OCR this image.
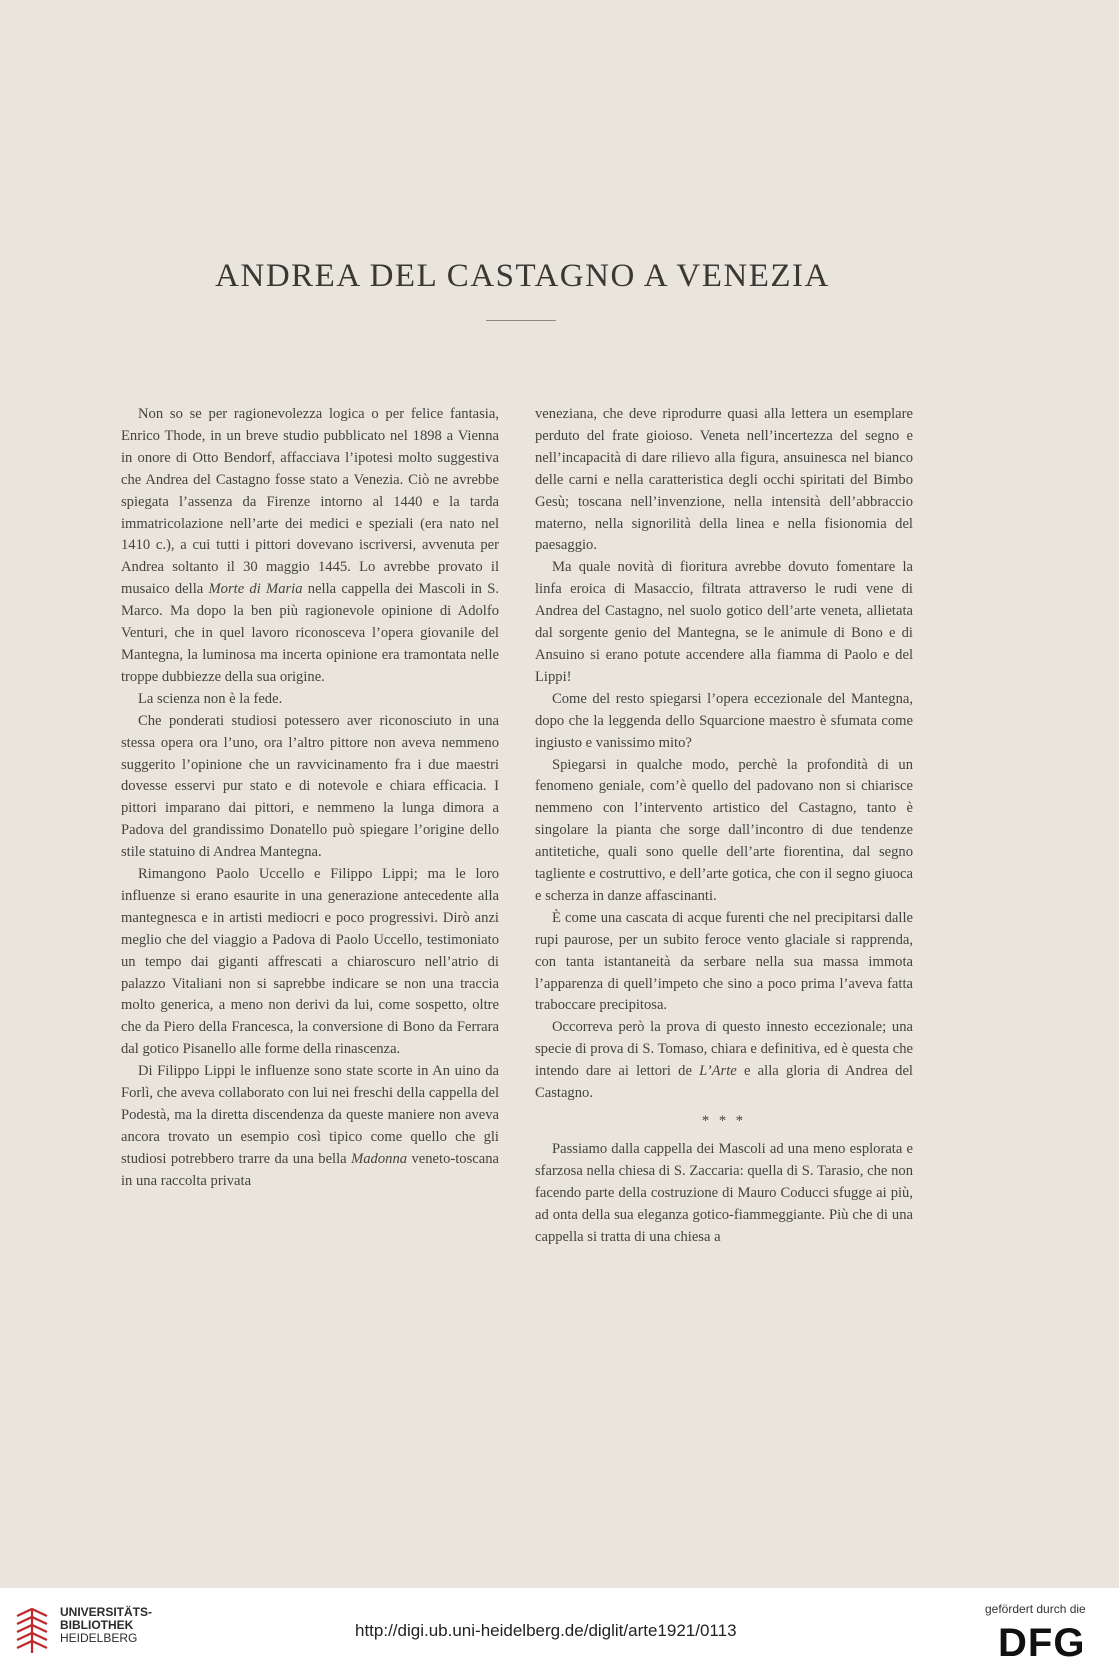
ANDREA DEL CASTAGNO A VENEZIA

Non so se per ragionevolezza logica o per felice fantasia, Enrico Thode, in un breve studio pubblicato nel 1898 a Vienna in onore di Otto Bendorf, affacciava l’ipotesi molto suggestiva che Andrea del Castagno fosse stato a Venezia. Ciò ne avrebbe spiegata l’assenza da Firenze intorno al 1440 e la tarda immatricolazione nell’arte dei medici e speziali (era nato nel 1410 c.), a cui tutti i pittori dovevano iscriversi, avvenuta per Andrea soltanto il 30 maggio 1445. Lo avrebbe provato il musaico della Morte di Maria nella cappella dei Mascoli in S. Marco. Ma dopo la ben più ragionevole opinione di Adolfo Venturi, che in quel lavoro riconosceva l’opera giovanile del Mantegna, la luminosa ma incerta opinione era tramontata nelle troppe dubbiezze della sua origine.

La scienza non è la fede.

Che ponderati studiosi potessero aver riconosciuto in una stessa opera ora l’uno, ora l’altro pittore non aveva nemmeno suggerito l’opinione che un ravvicinamento fra i due maestri dovesse esservi pur stato e di notevole e chiara efficacia. I pittori imparano dai pittori, e nemmeno la lunga dimora a Padova del grandissimo Donatello può spiegare l’origine dello stile statuino di Andrea Mantegna.

Rimangono Paolo Uccello e Filippo Lippi; ma le loro influenze si erano esaurite in una generazione antecedente alla mantegnesca e in artisti mediocri e poco progressivi. Dirò anzi meglio che del viaggio a Padova di Paolo Uccello, testimoniato un tempo dai giganti affrescati a chiaroscuro nell’atrio di palazzo Vitaliani non si saprebbe indicare se non una traccia molto generica, a meno non derivi da lui, come sospetto, oltre che da Piero della Francesca, la conversione di Bono da Ferrara dal gotico Pisanello alle forme della rinascenza.

Di Filippo Lippi le influenze sono state scorte in An uino da Forlì, che aveva collaborato con lui nei freschi della cappella del Podestà, ma la diretta discendenza da queste maniere non aveva ancora trovato un esempio così tipico come quello che gli studiosi potrebbero trarre da una bella Madonna veneto-toscana in una raccolta privata

veneziana, che deve riprodurre quasi alla lettera un esemplare perduto del frate gioioso. Veneta nell’incertezza del segno e nell’incapacità di dare rilievo alla figura, ansuinesca nel bianco delle carni e nella caratteristica degli occhi spiritati del Bimbo Gesù; toscana nell’invenzione, nella intensità dell’abbraccio materno, nella signorilità della linea e nella fisionomia del paesaggio.

Ma quale novità di fioritura avrebbe dovuto fomentare la linfa eroica di Masaccio, filtrata attraverso le rudi vene di Andrea del Castagno, nel suolo gotico dell’arte veneta, allietata dal sorgente genio del Mantegna, se le animule di Bono e di Ansuino si erano potute accendere alla fiamma di Paolo e del Lippi!

Come del resto spiegarsi l’opera eccezionale del Mantegna, dopo che la leggenda dello Squarcione maestro è sfumata come ingiusto e vanissimo mito?

Spiegarsi in qualche modo, perchè la profondità di un fenomeno geniale, com’è quello del padovano non si chiarisce nemmeno con l’intervento artistico del Castagno, tanto è singolare la pianta che sorge dall’incontro di due tendenze antitetiche, quali sono quelle dell’arte fiorentina, dal segno tagliente e costruttivo, e dell’arte gotica, che con il segno giuoca e scherza in danze affascinanti.

È come una cascata di acque furenti che nel precipitarsi dalle rupi paurose, per un subito feroce vento glaciale si rapprenda, con tanta istantaneità da serbare nella sua massa immota l’apparenza di quell’impeto che sino a poco prima l’aveva fatta traboccare precipitosa.

Occorreva però la prova di questo innesto eccezionale; una specie di prova di S. Tomaso, chiara e definitiva, ed è questa che intendo dare ai lettori de L’Arte e alla gloria di Andrea del Castagno.

* * *

Passiamo dalla cappella dei Mascoli ad una meno esplorata e sfarzosa nella chiesa di S. Zaccaria: quella di S. Tarasio, che non facendo parte della costruzione di Mauro Coducci sfugge ai più, ad onta della sua eleganza gotico-fiammeggiante. Più che di una cappella si tratta di una chiesa a

UNIVERSITÄTS-
BIBLIOTHEK
HEIDELBERG	http://digi.ub.uni-heidelberg.de/diglit/arte1921/0113
gefördert durch die
DFG
